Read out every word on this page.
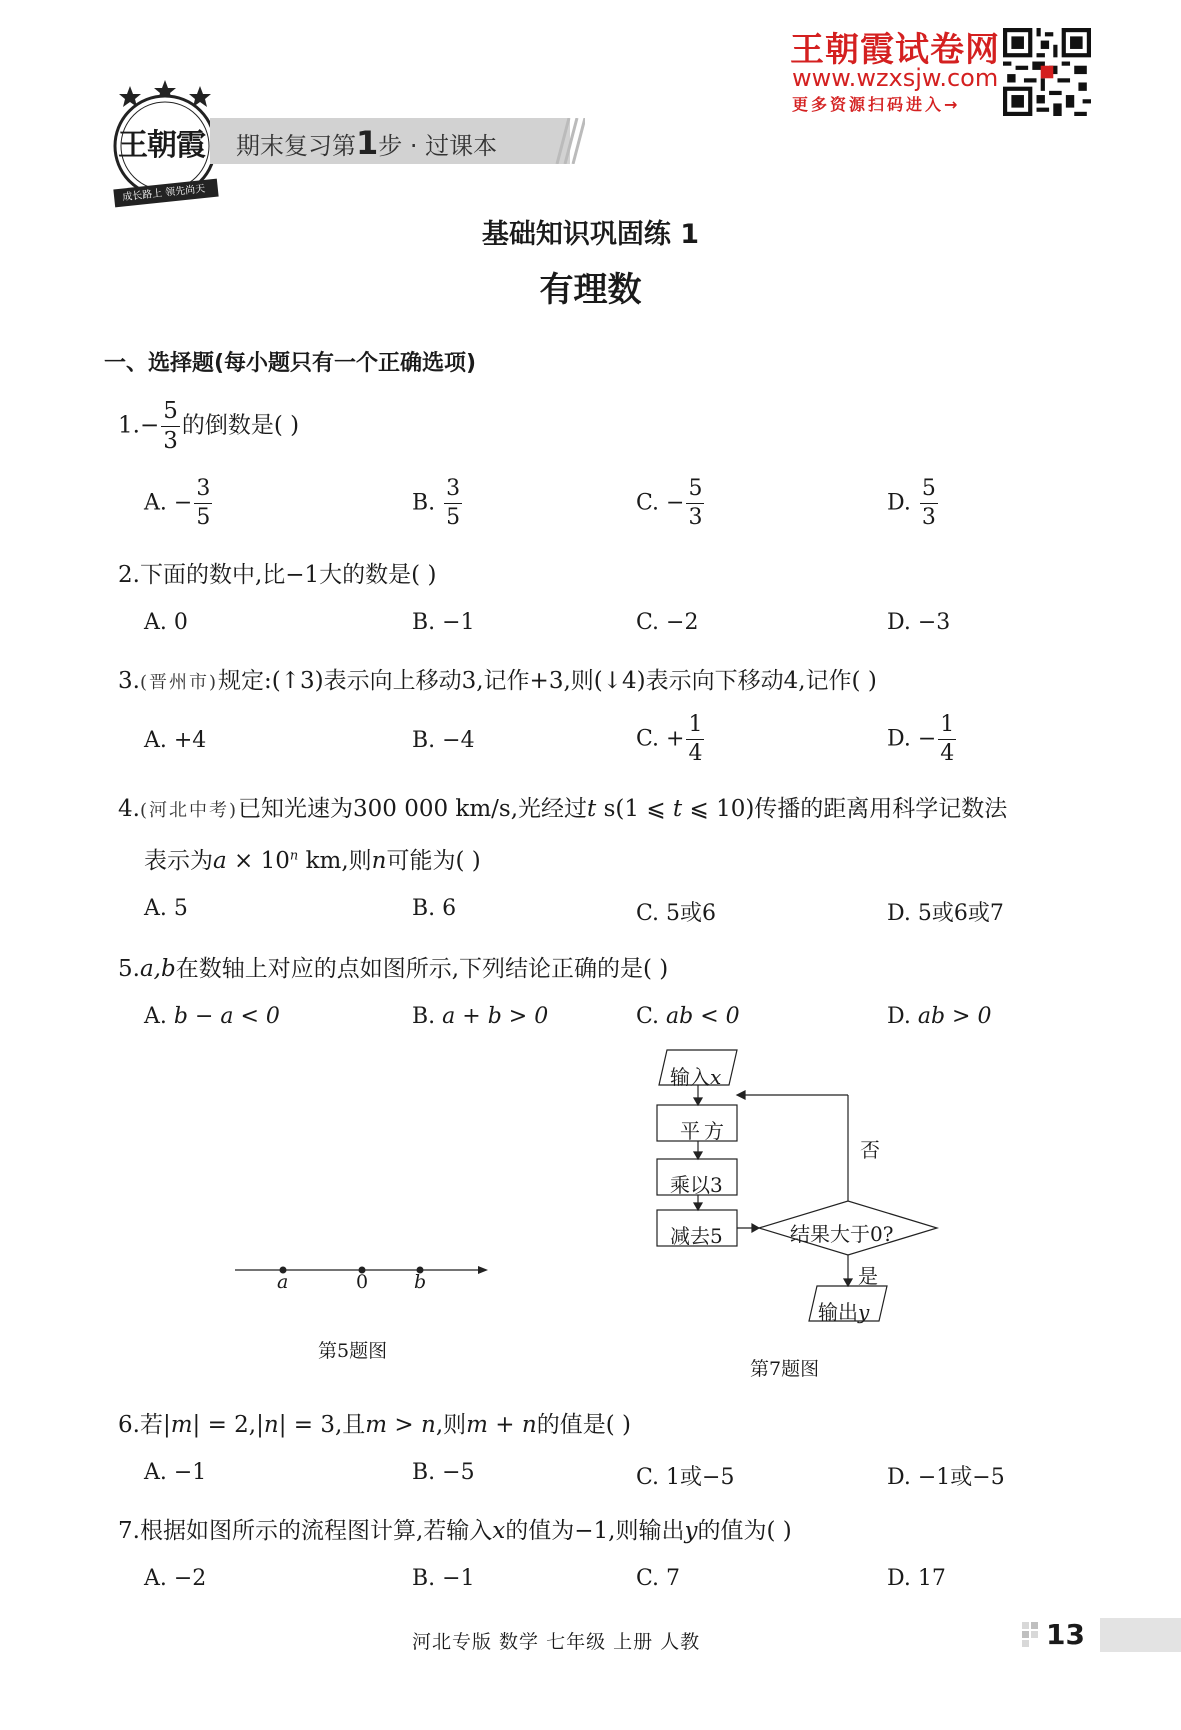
王朝霞试卷网
www.wzxsjw.com
更多资源扫码进入→
王朝霞
成长路上 领先尚天
期末复习第1步 · 过课本
基础知识巩固练 1
有理数
一、选择题(每小题只有一个正确选项)
$1.- \frac{5}{3}$ 的倒数是( )
A. − $\frac{3}{5}$	B. $\frac{3}{5}$	C. − $\frac{5}{3}$	D. $\frac{5}{3}$
2.下面的数中,比−1大的数是( )
A. 0	B. −1	C. −2	D. −3
3.(晋州市)规定:(↑3)表示向上移动3,记作+3,则(↓4)表示向下移动4,记作( )
A. +4	B. −4	C. + $\frac{1}{4}$	D. − $\frac{1}{4}$
4.(河北中考)已知光速为300 000 km/s,光经过t s(1 ⩽ t ⩽ 10)传播的距离用科学记数法
表示为$a \times 10^n$ km,则n可能为( )
A. 5	B. 6	C. 5或6	D. 5或6或7
5.a,b在数轴上对应的点如图所示,下列结论正确的是( )
A. b − a < 0	B. a + b > 0	C. ab < 0	D. ab > 0
a	0 b
第5题图
输入x
平方
乘以3
减去5	结果大于0?
否
是
输出y
第7题图
6.若|m| = 2,|n| = 3,且m > n,则m + n的值是( )
A. −1	B. −5	C. 1或−5	D. −1或−5
7.根据如图所示的流程图计算,若输入x的值为−1,则输出y的值为( )
A. −2	B. −1	C. 7	D. 17
河北专版 数学 七年级 上册 人教	13
